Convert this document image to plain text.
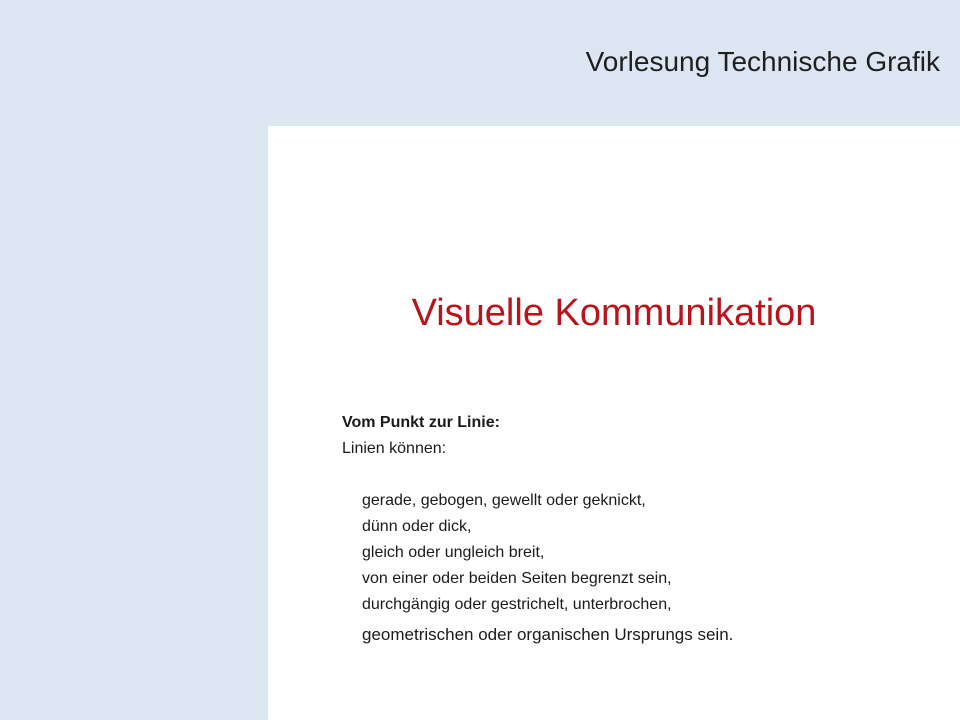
Vorlesung Technische Grafik
Visuelle Kommunikation
Vom Punkt zur Linie:
Linien können:
gerade, gebogen, gewellt oder geknickt,
dünn oder dick,
gleich oder ungleich breit,
von einer oder beiden Seiten begrenzt sein,
durchgängig oder gestrichelt, unterbrochen,
geometrischen oder organischen Ursprungs sein.
